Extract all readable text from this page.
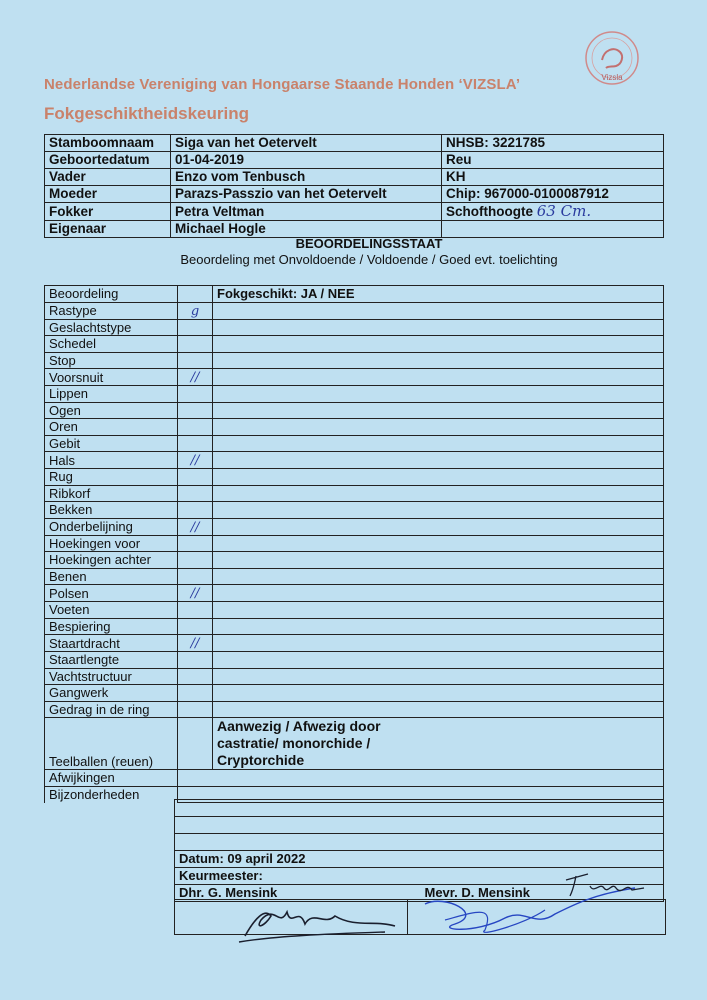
Vizsla
Nederlandse Vereniging van Hongaarse Staande Honden ‘VIZSLA’
Fokgeschiktheidskeuring
Stamboomnaam	Siga van het Oetervelt	NHSB: 3221785
Geboortedatum	01-04-2019	Reu
Vader	Enzo vom Tenbusch	KH
Moeder	Parazs-Passzio van het Oetervelt	Chip: 967000-0100087912
Fokker	Petra Veltman	Schofthoogte 63 Cm.
Eigenaar	Michael Hogle	
BEOORDELINGSSTAAT
Beoordeling met Onvoldoende / Voldoende / Goed evt. toelichting
Beoordeling		Fokgeschikt: JA / NEE
Rastype	g	
Geslachtstype		
Schedel		
Stop		
Voorsnuit	//	
Lippen		
Ogen		
Oren		
Gebit		
Hals	//	
Rug		
Ribkorf		
Bekken		
Onderbelijning	//	
Hoekingen voor		
Hoekingen achter		
Benen		
Polsen	//	
Voeten		
Bespiering		
Staartdracht	//	
Staartlengte		
Vachtstructuur		
Gangwerk		
Gedrag in de ring		
Teelballen (reuen)		Aanwezig / Afwezig door castratie/ monorchide / Cryptorchide
Afwijkingen		
Bijzonderheden		

Datum: 09 april 2022
Keurmeester:
Dhr. G. Mensink	Mevr. D. Mensink
